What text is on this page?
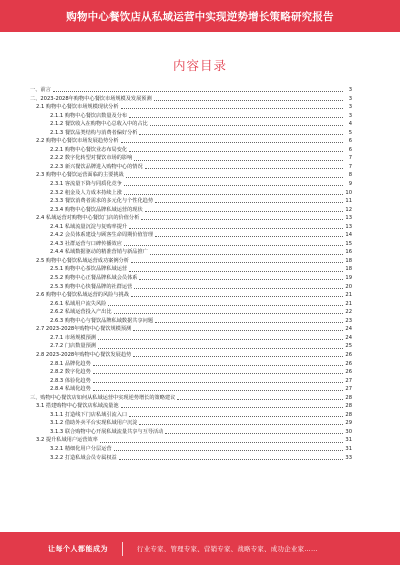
购物中心餐饮店从私域运营中实现逆势增长策略研究报告
内容目录
一、前言	3
二、2023-2028年购物中心餐饮市场规模及发展预测	3
2.1 购物中心餐饮市场规模现状分析	3
2.1.1 购物中心餐饮店数量及分布	3
2.1.2 餐饮收入在购物中心总收入中的占比	4
2.1.3 餐饮品类结构与消费者偏好分析	5
2.2 购物中心餐饮市场发展趋势分析	6
2.2.1 购物中心餐饮业态布局变化	6
2.2.2 数字化转型对餐饮市场的影响	7
2.2.3 新兴餐饮品牌进入购物中心的情况	7
2.3 购物中心餐饮运营面临的主要挑战	8
2.3.1 客流量下降与同质化竞争	9
2.3.2 租金及人力成本持续上涨	10
2.3.3 餐饮消费者需求的多元化与个性化趋势	11
2.3.4 购物中心餐饮品牌私域运营的现状	12
2.4 私域运营对购物中心餐饮门店的价值分析	13
2.4.1 私域流量沉淀与复购率提升	13
2.4.2 会员体系建设与顾客生命周期价值管理	14
2.4.3 社群运营与口碑传播效应	15
2.4.4 私域数据驱动的精准营销与新品推广	16
2.5 购物中心餐饮私域运营成功案例分析	18
2.5.1 购物中心茶饮品牌私域运营	18
2.5.2 购物中心正餐品牌私域会员体系	19
2.5.3 购物中心快餐品牌的社群运营	20
2.6 购物中心餐饮私域运营的风险与挑战	21
2.6.1 私域用户流失风险	21
2.6.2 私域运营投入产出比	22
2.6.3 购物中心与餐饮品牌私域数据共享问题	23
2.7 2023-2028年购物中心餐饮规模预测	24
2.7.1 市场规模预测	24
2.7.2 门店数量预测	25
2.8 2023-2028年购物中心餐饮发展趋势	26
2.8.1 品牌化趋势	26
2.8.2 数字化趋势	26
2.8.3 体验化趋势	27
2.8.4 私域化趋势	27
三、购物中心餐饮店如何从私域运营中实现逆势增长的策略建议	28
3.1 搭建购物中心餐饮店私域流量池	28
3.1.1 打造线下门店私域引流入口	28
3.1.2 借助外卖平台实现私域用户沉淀	29
3.1.3 联合购物中心开展私域流量共享与互导活动	30
3.2 提升私域用户运营效率	31
3.2.1 精细化用户分层运营	31
3.2.2 打造私域会员专属权益	33
让每个人都能成为	行业专家、管理专家、营销专家、战略专家、成功企业家……
